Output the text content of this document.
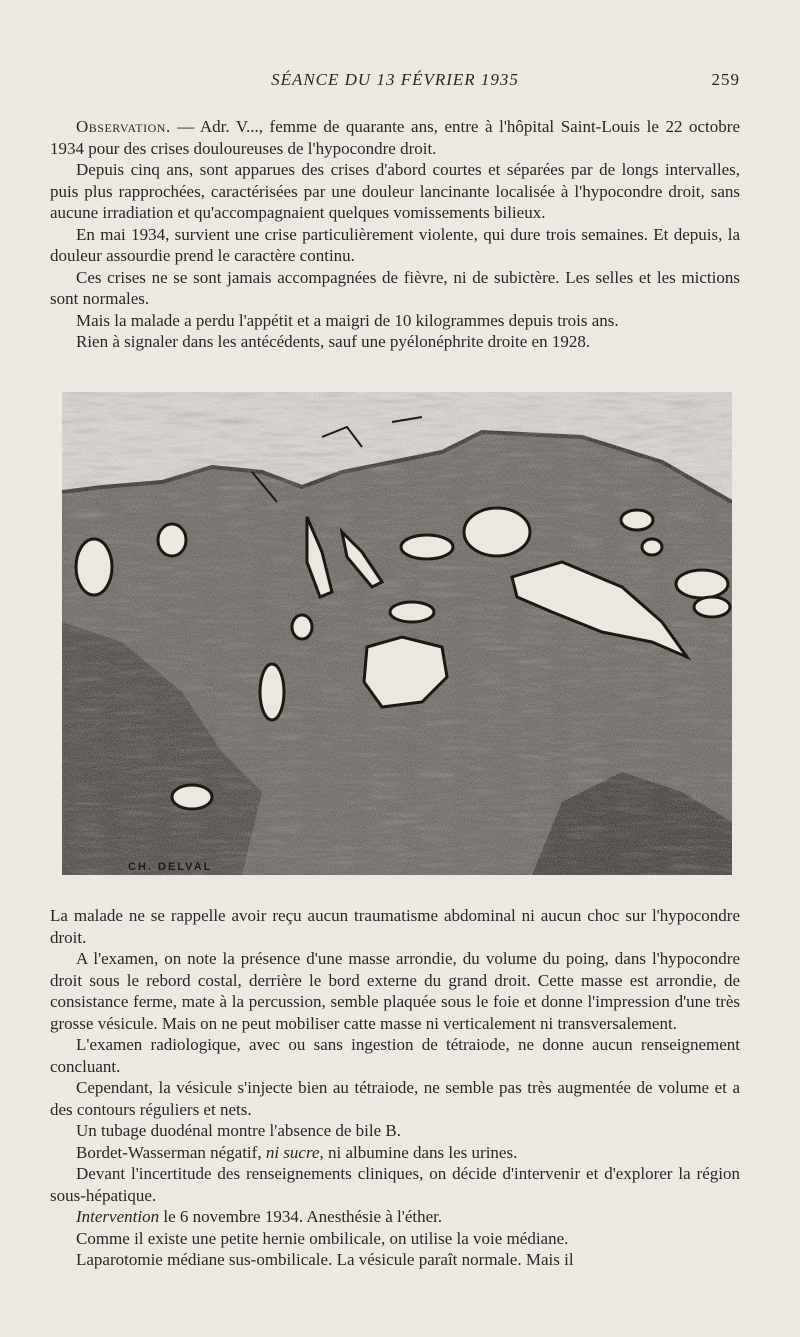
SÉANCE DU 13 FÉVRIER 1935	259

Observation. — Adr. V..., femme de quarante ans, entre à l'hôpital Saint-Louis le 22 octobre 1934 pour des crises douloureuses de l'hypocondre droit.

Depuis cinq ans, sont apparues des crises d'abord courtes et séparées par de longs intervalles, puis plus rapprochées, caractérisées par une douleur lancinante localisée à l'hypocondre droit, sans aucune irradiation et qu'accompagnaient quelques vomissements bilieux.

En mai 1934, survient une crise particulièrement violente, qui dure trois semaines. Et depuis, la douleur assourdie prend le caractère continu.

Ces crises ne se sont jamais accompagnées de fièvre, ni de subictère. Les selles et les mictions sont normales.

Mais la malade a perdu l'appétit et a maigri de 10 kilogrammes depuis trois ans.

Rien à signaler dans les antécédents, sauf une pyélonéphrite droite en 1928.

CH. DELVAL

La malade ne se rappelle avoir reçu aucun traumatisme abdominal ni aucun choc sur l'hypocondre droit.

A l'examen, on note la présence d'une masse arrondie, du volume du poing, dans l'hypocondre droit sous le rebord costal, derrière le bord externe du grand droit. Cette masse est arrondie, de consistance ferme, mate à la percussion, semble plaquée sous le foie et donne l'impression d'une très grosse vésicule. Mais on ne peut mobiliser catte masse ni verticalement ni transversalement.

L'examen radiologique, avec ou sans ingestion de tétraiode, ne donne aucun renseignement concluant.

Cependant, la vésicule s'injecte bien au tétraiode, ne semble pas très augmentée de volume et a des contours réguliers et nets.

Un tubage duodénal montre l'absence de bile B.

Bordet-Wasserman négatif, ni sucre, ni albumine dans les urines.

Devant l'incertitude des renseignements cliniques, on décide d'intervenir et d'explorer la région sous-hépatique.

Intervention le 6 novembre 1934. Anesthésie à l'éther.

Comme il existe une petite hernie ombilicale, on utilise la voie médiane.

Laparotomie médiane sus-ombilicale. La vésicule paraît normale. Mais il
